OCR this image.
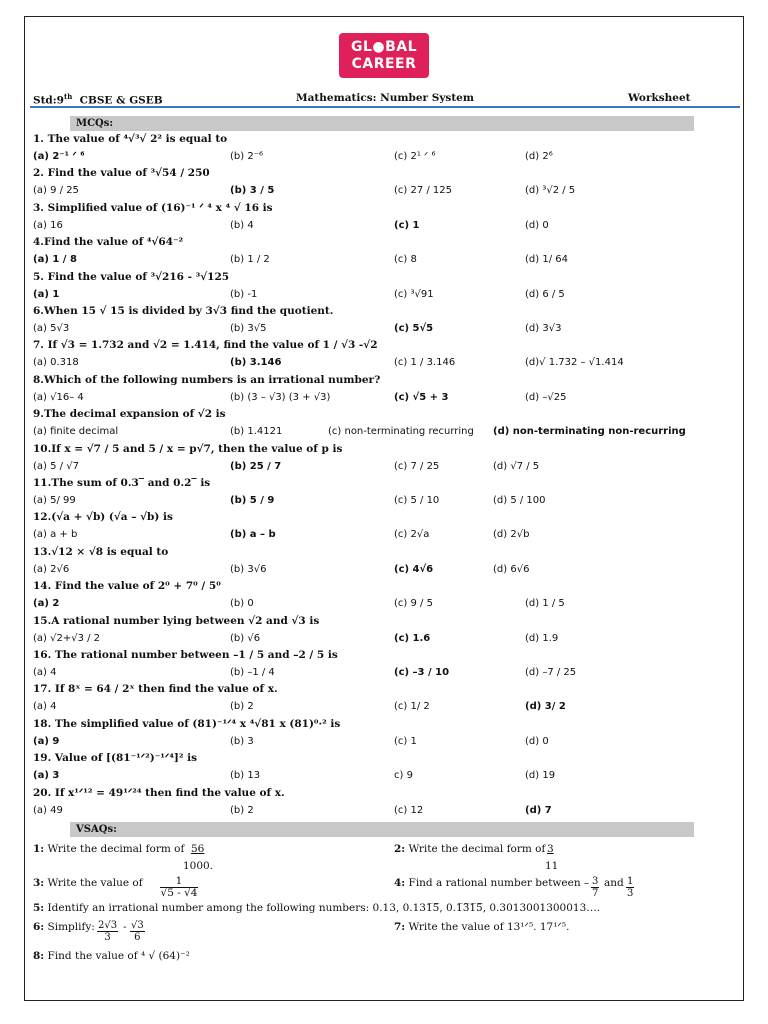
GL●BAL
CAREER
Std:9th CBSE & GSEB	Mathematics: Number System	Worksheet
MCQs:
1. The value of ⁴√³√ 2² is equal to
(a) 2⁻¹ ᐟ ⁶	(b) 2⁻⁶	(c) 2¹ ᐟ ⁶	(d) 2⁶
2. Find the value of ³√54 / 250
(a) 9 / 25	(b) 3 / 5	(c) 27 / 125	(d) ³√2 / 5
3. Simplified value of (16)⁻¹ ᐟ ⁴ x ⁴ √ 16 is
(a) 16	(b) 4	(c) 1	(d) 0
4.Find the value of ⁴√64⁻²
(a) 1 / 8	(b) 1 / 2	(c) 8	(d) 1/ 64
5. Find the value of ³√216 - ³√125
(a) 1	(b) -1	(c) ³√91	(d) 6 / 5
6.When 15 √ 15 is divided by 3√3 find the quotient.
(a) 5√3	(b) 3√5	(c) 5√5	(d) 3√3
7. If √3 = 1.732 and √2 = 1.414, find the value of 1 / √3 -√2
(a) 0.318	(b) 3.146	(c) 1 / 3.146	(d)√ 1.732 – √1.414
8.Which of the following numbers is an irrational number?
(a) √16– 4	(b) (3 – √3) (3 + √3)	(c) √5 + 3	(d) –√25
9.The decimal expansion of √2 is
(a) finite decimal	(b) 1.4121	(c) non-terminating recurring (d) non-terminating non-recurring
10.If x = √7 / 5 and 5 / x = p√7, then the value of p is
(a) 5 / √7	(b) 25 / 7	(c) 7 / 25	(d) √7 / 5
11.The sum of 0.3‾ and 0.2‾ is
(a) 5/ 99	(b) 5 / 9	(c) 5 / 10	(d) 5 / 100
12.(√a + √b) (√a – √b) is
(a) a + b	(b) a – b	(c) 2√a	(d) 2√b
13.√12 × √8 is equal to
(a) 2√6	(b) 3√6	(c) 4√6	(d) 6√6
14. Find the value of 2⁰ + 7⁰ / 5⁰
(a) 2	(b) 0	(c) 9 / 5	(d) 1 / 5
15.A rational number lying between √2 and √3 is
(a) √2+√3 / 2	(b) √6	(c) 1.6	(d) 1.9
16. The rational number between –1 / 5 and –2 / 5 is
(a) 4	(b) –1 / 4	(c) –3 / 10	(d) –7 / 25
17. If 8ˣ = 64 / 2ˣ then find the value of x.
(a) 4	(b) 2	(c) 1/ 2	(d) 3/ 2
18. The simplified value of (81)⁻¹ᐟ⁴ x ⁴√81 x (81)⁰·² is
(a) 9	(b) 3	(c) 1	(d) 0
19. Value of [(81⁻¹ᐟ²)⁻¹ᐟ⁴]² is
(a) 3	(b) 13	c) 9	(d) 19
20. If x¹ᐟ¹² = 49¹ᐟ²⁴ then find the value of x.
(a) 49	(b) 2	(c) 12	(d) 7
VSAQs:
1: Write the decimal form of 56
1000.
2: Write the decimal form of 3
11
3: Write the value of $\frac{1}{√5 - √4}$	4: Find a rational number between – $\frac{3}{7}$ and $\frac{1}{3}$
5: Identify an irrational number among the following numbers: 0.13, 0.131̅5̅, 0.1̅3̅1̅5̅, 0.3013001300013….
6: Simplify: $\frac{2√3}{3} - \frac{√3}{6}$	7: Write the value of 13¹ᐟ⁵. 17¹ᐟ⁵.
8: Find the value of ⁴ √ (64)⁻²
